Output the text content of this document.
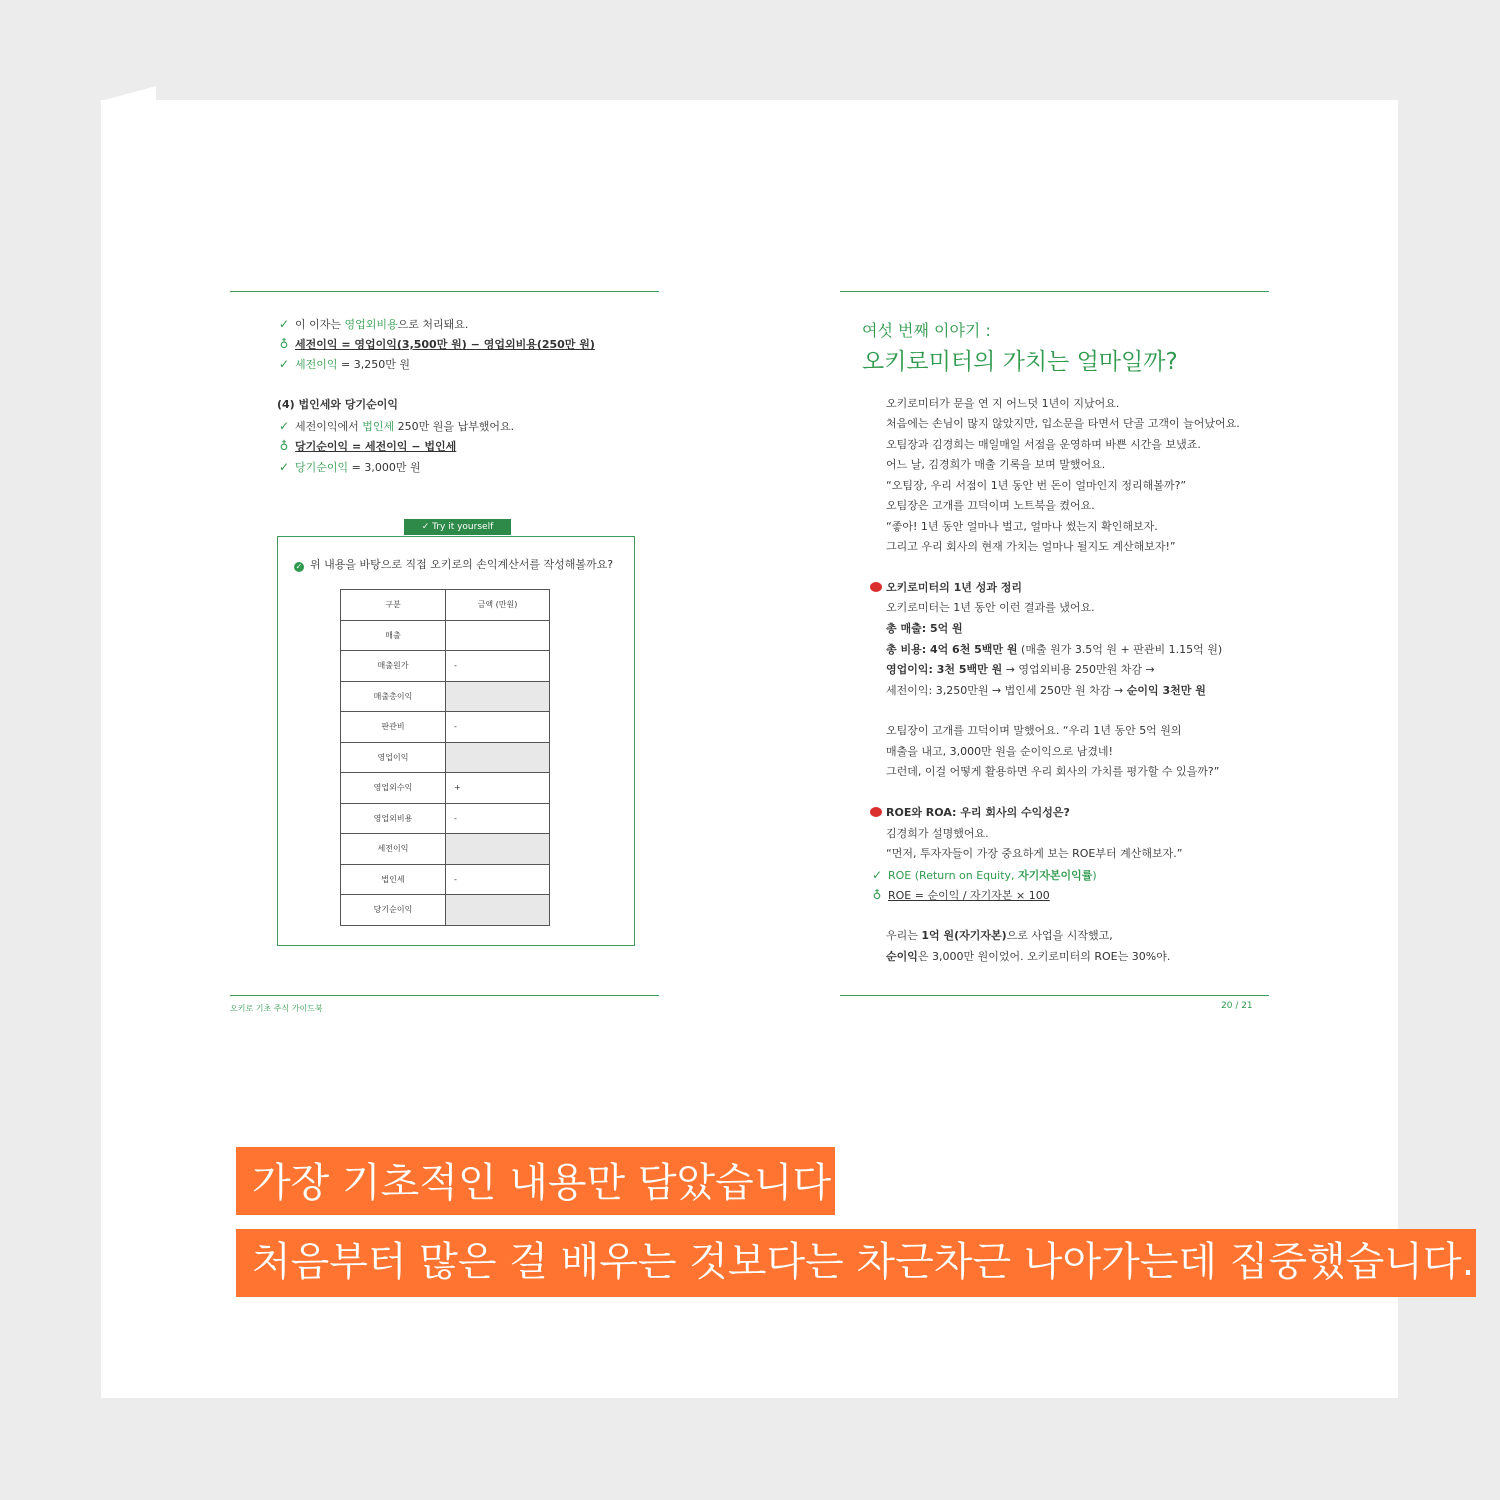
✓ 이 이자는 영업외비용으로 처리돼요.
♁ 세전이익 = 영업이익(3,500만 원) − 영업외비용(250만 원)
✓ 세전이익 = 3,250만 원
(4) 법인세와 당기순이익
✓ 세전이익에서 법인세 250만 원을 납부했어요.
♁ 당기순이익 = 세전이익 − 법인세
✓ 당기순이익 = 3,000만 원
✓ Try it yourself
✓ 위 내용을 바탕으로 직접 오키로의 손익계산서를 작성해볼까요?
구분	금액 (만원)
매출	
매출원가	-
매출총이익	
판관비	-
영업이익	
영업외수익	+
영업외비용	-
세전이익	
법인세	-
당기순이익	
오키로 기초 주식 가이드북
여섯 번째 이야기 :
오키로미터의 가치는 얼마일까?
오키로미터가 문을 연 지 어느덧 1년이 지났어요.
처음에는 손님이 많지 않았지만, 입소문을 타면서 단골 고객이 늘어났어요.
오팀장과 김경희는 매일매일 서점을 운영하며 바쁜 시간을 보냈죠.
어느 날, 김경희가 매출 기록을 보며 말했어요.
“오팀장, 우리 서점이 1년 동안 번 돈이 얼마인지 정리해볼까?”
오팀장은 고개를 끄덕이며 노트북을 켰어요.
“좋아! 1년 동안 얼마나 벌고, 얼마나 썼는지 확인해보자.
그리고 우리 회사의 현재 가치는 얼마나 될지도 계산해보자!”
오키로미터의 1년 성과 정리
오키로미터는 1년 동안 이런 결과를 냈어요.
총 매출: 5억 원
총 비용: 4억 6천 5백만 원 (매출 원가 3.5억 원 + 판관비 1.15억 원)
영업이익: 3천 5백만 원 → 영업외비용 250만원 차감 →
세전이익: 3,250만원 → 법인세 250만 원 차감 → 순이익 3천만 원
오팀장이 고개를 끄덕이며 말했어요. “우리 1년 동안 5억 원의
매출을 내고, 3,000만 원을 순이익으로 남겼네!
그런데, 이걸 어떻게 활용하면 우리 회사의 가치를 평가할 수 있을까?”
ROE와 ROA: 우리 회사의 수익성은?
김경희가 설명했어요.
“먼저, 투자자들이 가장 중요하게 보는 ROE부터 계산해보자.”
✓ ROE (Return on Equity, 자기자본이익률)
♁ ROE = 순이익 / 자기자본 × 100
우리는 1억 원(자기자본)으로 사업을 시작했고,
순이익은 3,000만 원이었어. 오키로미터의 ROE는 30%야.
20 / 21
가장 기초적인 내용만 담았습니다
처음부터 많은 걸 배우는 것보다는 차근차근 나아가는데 집중했습니다.
